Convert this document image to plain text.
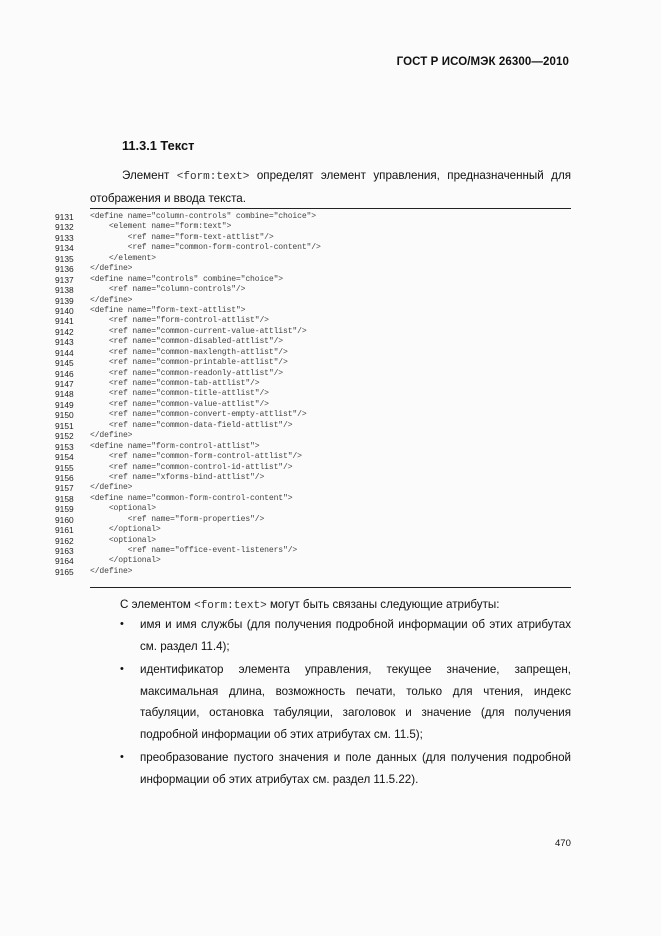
ГОСТ Р ИСО/МЭК 26300—2010
11.3.1 Текст
Элемент <form:text> определят элемент управления, предназначенный для отображения и ввода текста.
9131
9132
9133
9134
9135
9136
9137
9138
9139
9140
9141
9142
9143
9144
9145
9146
9147
9148
9149
9150
9151
9152
9153
9154
9155
9156
9157
9158
9159
9160
9161
9162
9163
9164
9165
<define name="column-controls" combine="choice">
<element name="form:text">
<ref name="form-text-attlist"/>
<ref name="common-form-control-content"/>
</element>
</define>
<define name="controls" combine="choice">
<ref name="column-controls"/>
</define>
<define name="form-text-attlist">
<ref name="form-control-attlist"/>
<ref name="common-current-value-attlist"/>
<ref name="common-disabled-attlist"/>
<ref name="common-maxlength-attlist"/>
<ref name="common-printable-attlist"/>
<ref name="common-readonly-attlist"/>
<ref name="common-tab-attlist"/>
<ref name="common-title-attlist"/>
<ref name="common-value-attlist"/>
<ref name="common-convert-empty-attlist"/>
<ref name="common-data-field-attlist"/>
</define>
<define name="form-control-attlist">
<ref name="common-form-control-attlist"/>
<ref name="common-control-id-attlist"/>
<ref name="xforms-bind-attlist"/>
</define>
<define name="common-form-control-content">
<optional>
<ref name="form-properties"/>
</optional>
<optional>
<ref name="office-event-listeners"/>
</optional>
</define>
С элементом <form:text> могут быть связаны следующие атрибуты:
• имя и имя службы (для получения подробной информации об этих атрибутах см. раздел 11.4);
• идентификатор элемента управления, текущее значение, запрещен, максимальная длина, возможность печати, только для чтения, индекс табуляции, остановка табуляции, заголовок и значение (для получения подробной информации об этих атрибутах см. 11.5);
• преобразование пустого значения и поле данных (для получения подробной информации об этих атрибутах см. раздел 11.5.22).
470
